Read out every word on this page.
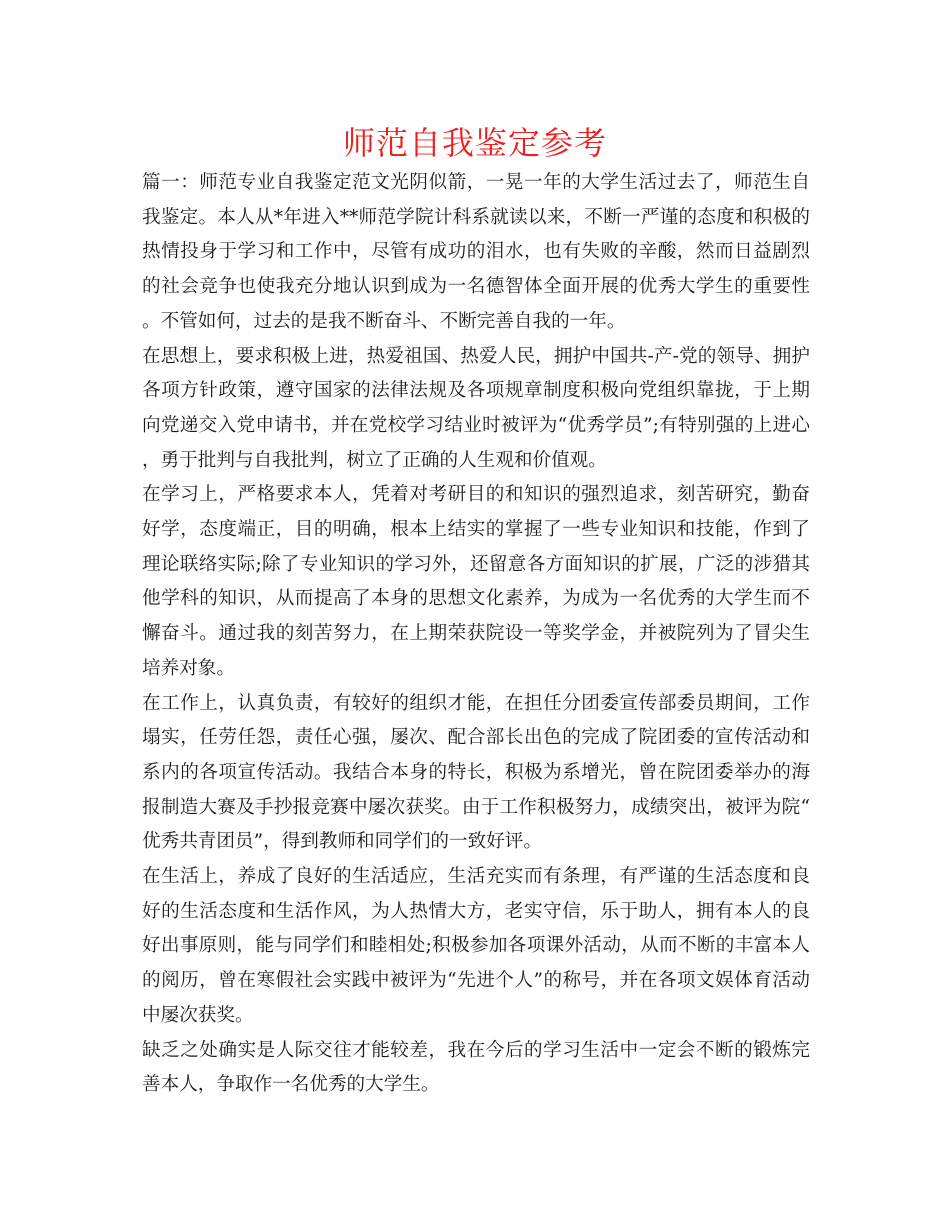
师范自我鉴定参考

篇一：师范专业自我鉴定范文光阴似箭，一晃一年的大学生活过去了，师范生自我鉴定。本人从*年进入**师范学院计科系就读以来，不断一严谨的态度和积极的热情投身于学习和工作中，尽管有成功的泪水，也有失败的辛酸，然而日益剧烈的社会竞争也使我充分地认识到成为一名德智体全面开展的优秀大学生的重要性。不管如何，过去的是我不断奋斗、不断完善自我的一年。

在思想上，要求积极上进，热爱祖国、热爱人民，拥护中国共-产-党的领导、拥护各项方针政策，遵守国家的法律法规及各项规章制度积极向党组织靠拢，于上期向党递交入党申请书，并在党校学习结业时被评为“优秀学员”;有特别强的上进心，勇于批判与自我批判，树立了正确的人生观和价值观。

在学习上，严格要求本人，凭着对考研目的和知识的强烈追求，刻苦研究，勤奋好学，态度端正，目的明确，根本上结实的掌握了一些专业知识和技能，作到了理论联络实际;除了专业知识的学习外，还留意各方面知识的扩展，广泛的涉猎其他学科的知识，从而提高了本身的思想文化素养，为成为一名优秀的大学生而不懈奋斗。通过我的刻苦努力，在上期荣获院设一等奖学金，并被院列为了冒尖生培养对象。

在工作上，认真负责，有较好的组织才能，在担任分团委宣传部委员期间，工作塌实，任劳任怨，责任心强，屡次、配合部长出色的完成了院团委的宣传活动和系内的各项宣传活动。我结合本身的特长，积极为系增光，曾在院团委举办的海报制造大赛及手抄报竞赛中屡次获奖。由于工作积极努力，成绩突出，被评为院“优秀共青团员”，得到教师和同学们的一致好评。

在生活上，养成了良好的生活适应，生活充实而有条理，有严谨的生活态度和良好的生活态度和生活作风，为人热情大方，老实守信，乐于助人，拥有本人的良好出事原则，能与同学们和睦相处;积极参加各项课外活动，从而不断的丰富本人的阅历，曾在寒假社会实践中被评为“先进个人”的称号，并在各项文娱体育活动中屡次获奖。

缺乏之处确实是人际交往才能较差，我在今后的学习生活中一定会不断的锻炼完善本人，争取作一名优秀的大学生。
